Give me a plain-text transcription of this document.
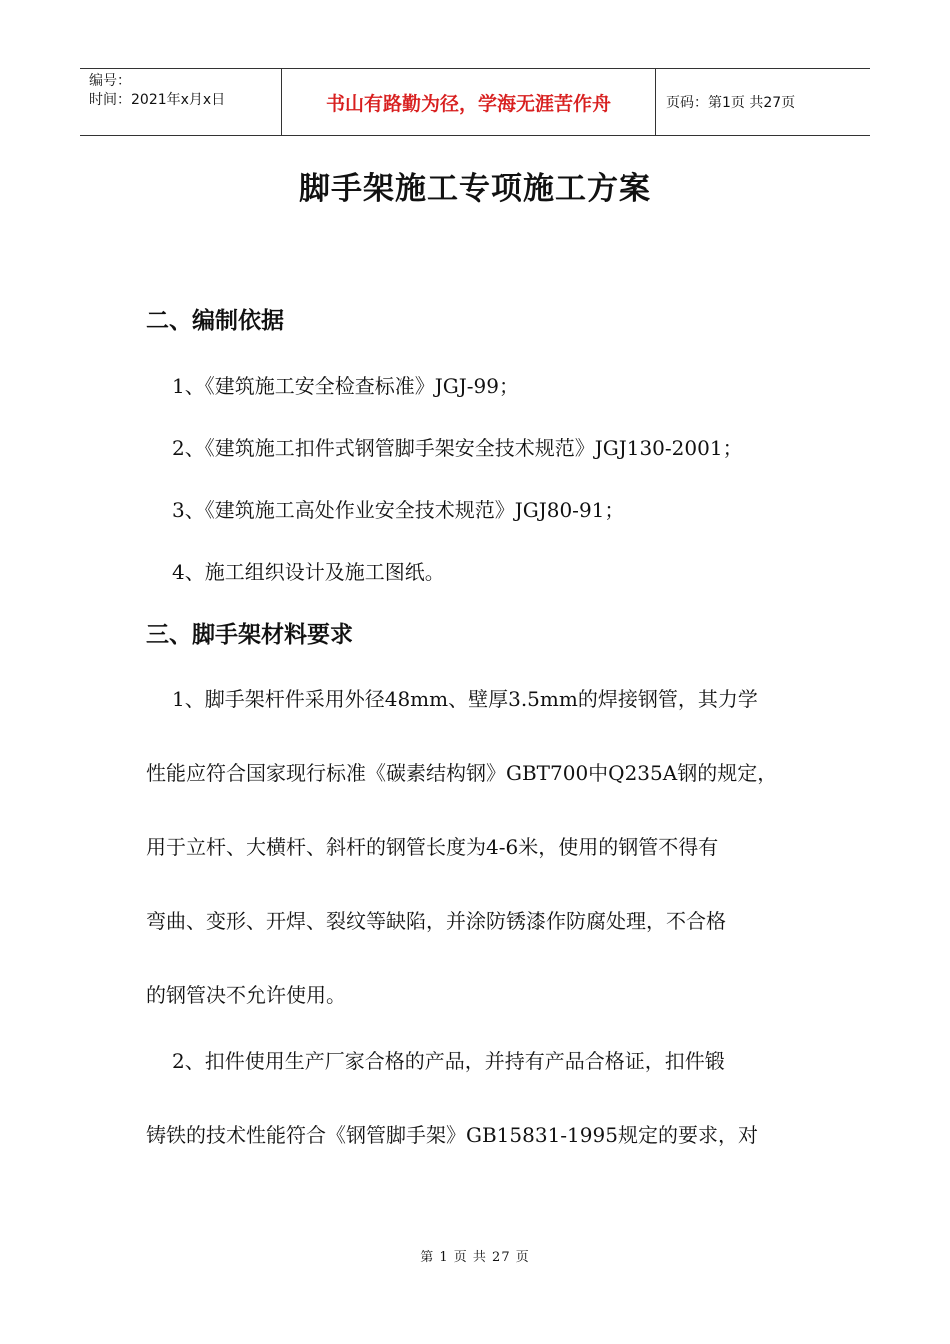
编号：
时间：2021年x月x日	书山有路勤为径，学海无涯苦作舟	页码：第1页 共27页
脚手架施工专项施工方案
二、编制依据
1、《建筑施工安全检查标准》JGJ-99；
2、《建筑施工扣件式钢管脚手架安全技术规范》JGJ130-2001；
3、《建筑施工高处作业安全技术规范》JGJ80-91；
4、施工组织设计及施工图纸。
三、脚手架材料要求
1、脚手架杆件采用外径48mm、壁厚3.5mm的焊接钢管，其力学
性能应符合国家现行标准《碳素结构钢》GBT700中Q235A钢的规定，
用于立杆、大横杆、斜杆的钢管长度为4-6米，使用的钢管不得有
弯曲、变形、开焊、裂纹等缺陷，并涂防锈漆作防腐处理，不合格
的钢管决不允许使用。
2、扣件使用生产厂家合格的产品，并持有产品合格证，扣件锻
铸铁的技术性能符合《钢管脚手架》GB15831-1995规定的要求，对
第 1 页 共 27 页
